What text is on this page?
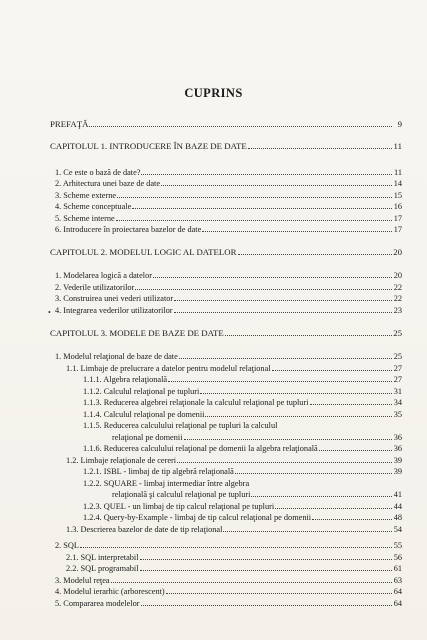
CUPRINS
•
PREFAŢĂ	9
CAPITOLUL 1. INTRODUCERE ÎN BAZE DE DATE	11
1. Ce este o bază de date?	11
2. Arhitectura unei baze de date	14
3. Scheme externe	15
4. Scheme conceptuale	16
5. Scheme interne	17
6. Introducere în proiectarea bazelor de date	17
CAPITOLUL 2. MODELUL LOGIC AL DATELOR	20
1. Modelarea logică a datelor	20
2. Vederile utilizatorilor	22
3. Construirea unei vederi utilizator	22
4. Integrarea vederilor utilizatorilor	23
CAPITOLUL 3. MODELE DE BAZE DE DATE	25
1. Modelul relaţional de baze de date	25
1.1. Limbaje de prelucrare a datelor pentru modelul relaţional	27
1.1.1. Algebra relaţională	27
1.1.2. Calculul relaţional pe tupluri	31
1.1.3. Reducerea algebrei relaţionale la calculul relaţional pe tupluri	34
1.1.4. Calculul relaţional pe domenii	35
1.1.5. Reducerea calculului relaţional pe tupluri la calculul
relaţional pe domenii	36
1.1.6. Reducerea calculului relaţional pe domenii la algebra relaţională	36
1.2. Limbaje relaţionale de cereri	39
1.2.1. ISBL - limbaj de tip algebră relaţională	39
1.2.2. SQUARE - limbaj intermediar între algebra
relaţională şi calculul relaţional pe tupluri	41
1.2.3. QUEL - un limbaj de tip calcul relaţional pe tupluri	44
1.2.4. Query-by-Example - limbaj de tip calcul relaţional pe domenii	48
1.3. Descrierea bazelor de date de tip relaţional	54
2. SQL	55
2.1. SQL interpretabil	56
2.2. SQL programabil	61
3. Modelul reţea	63
4. Modelul ierarhic (arborescent)	64
5. Compararea modelelor	64
